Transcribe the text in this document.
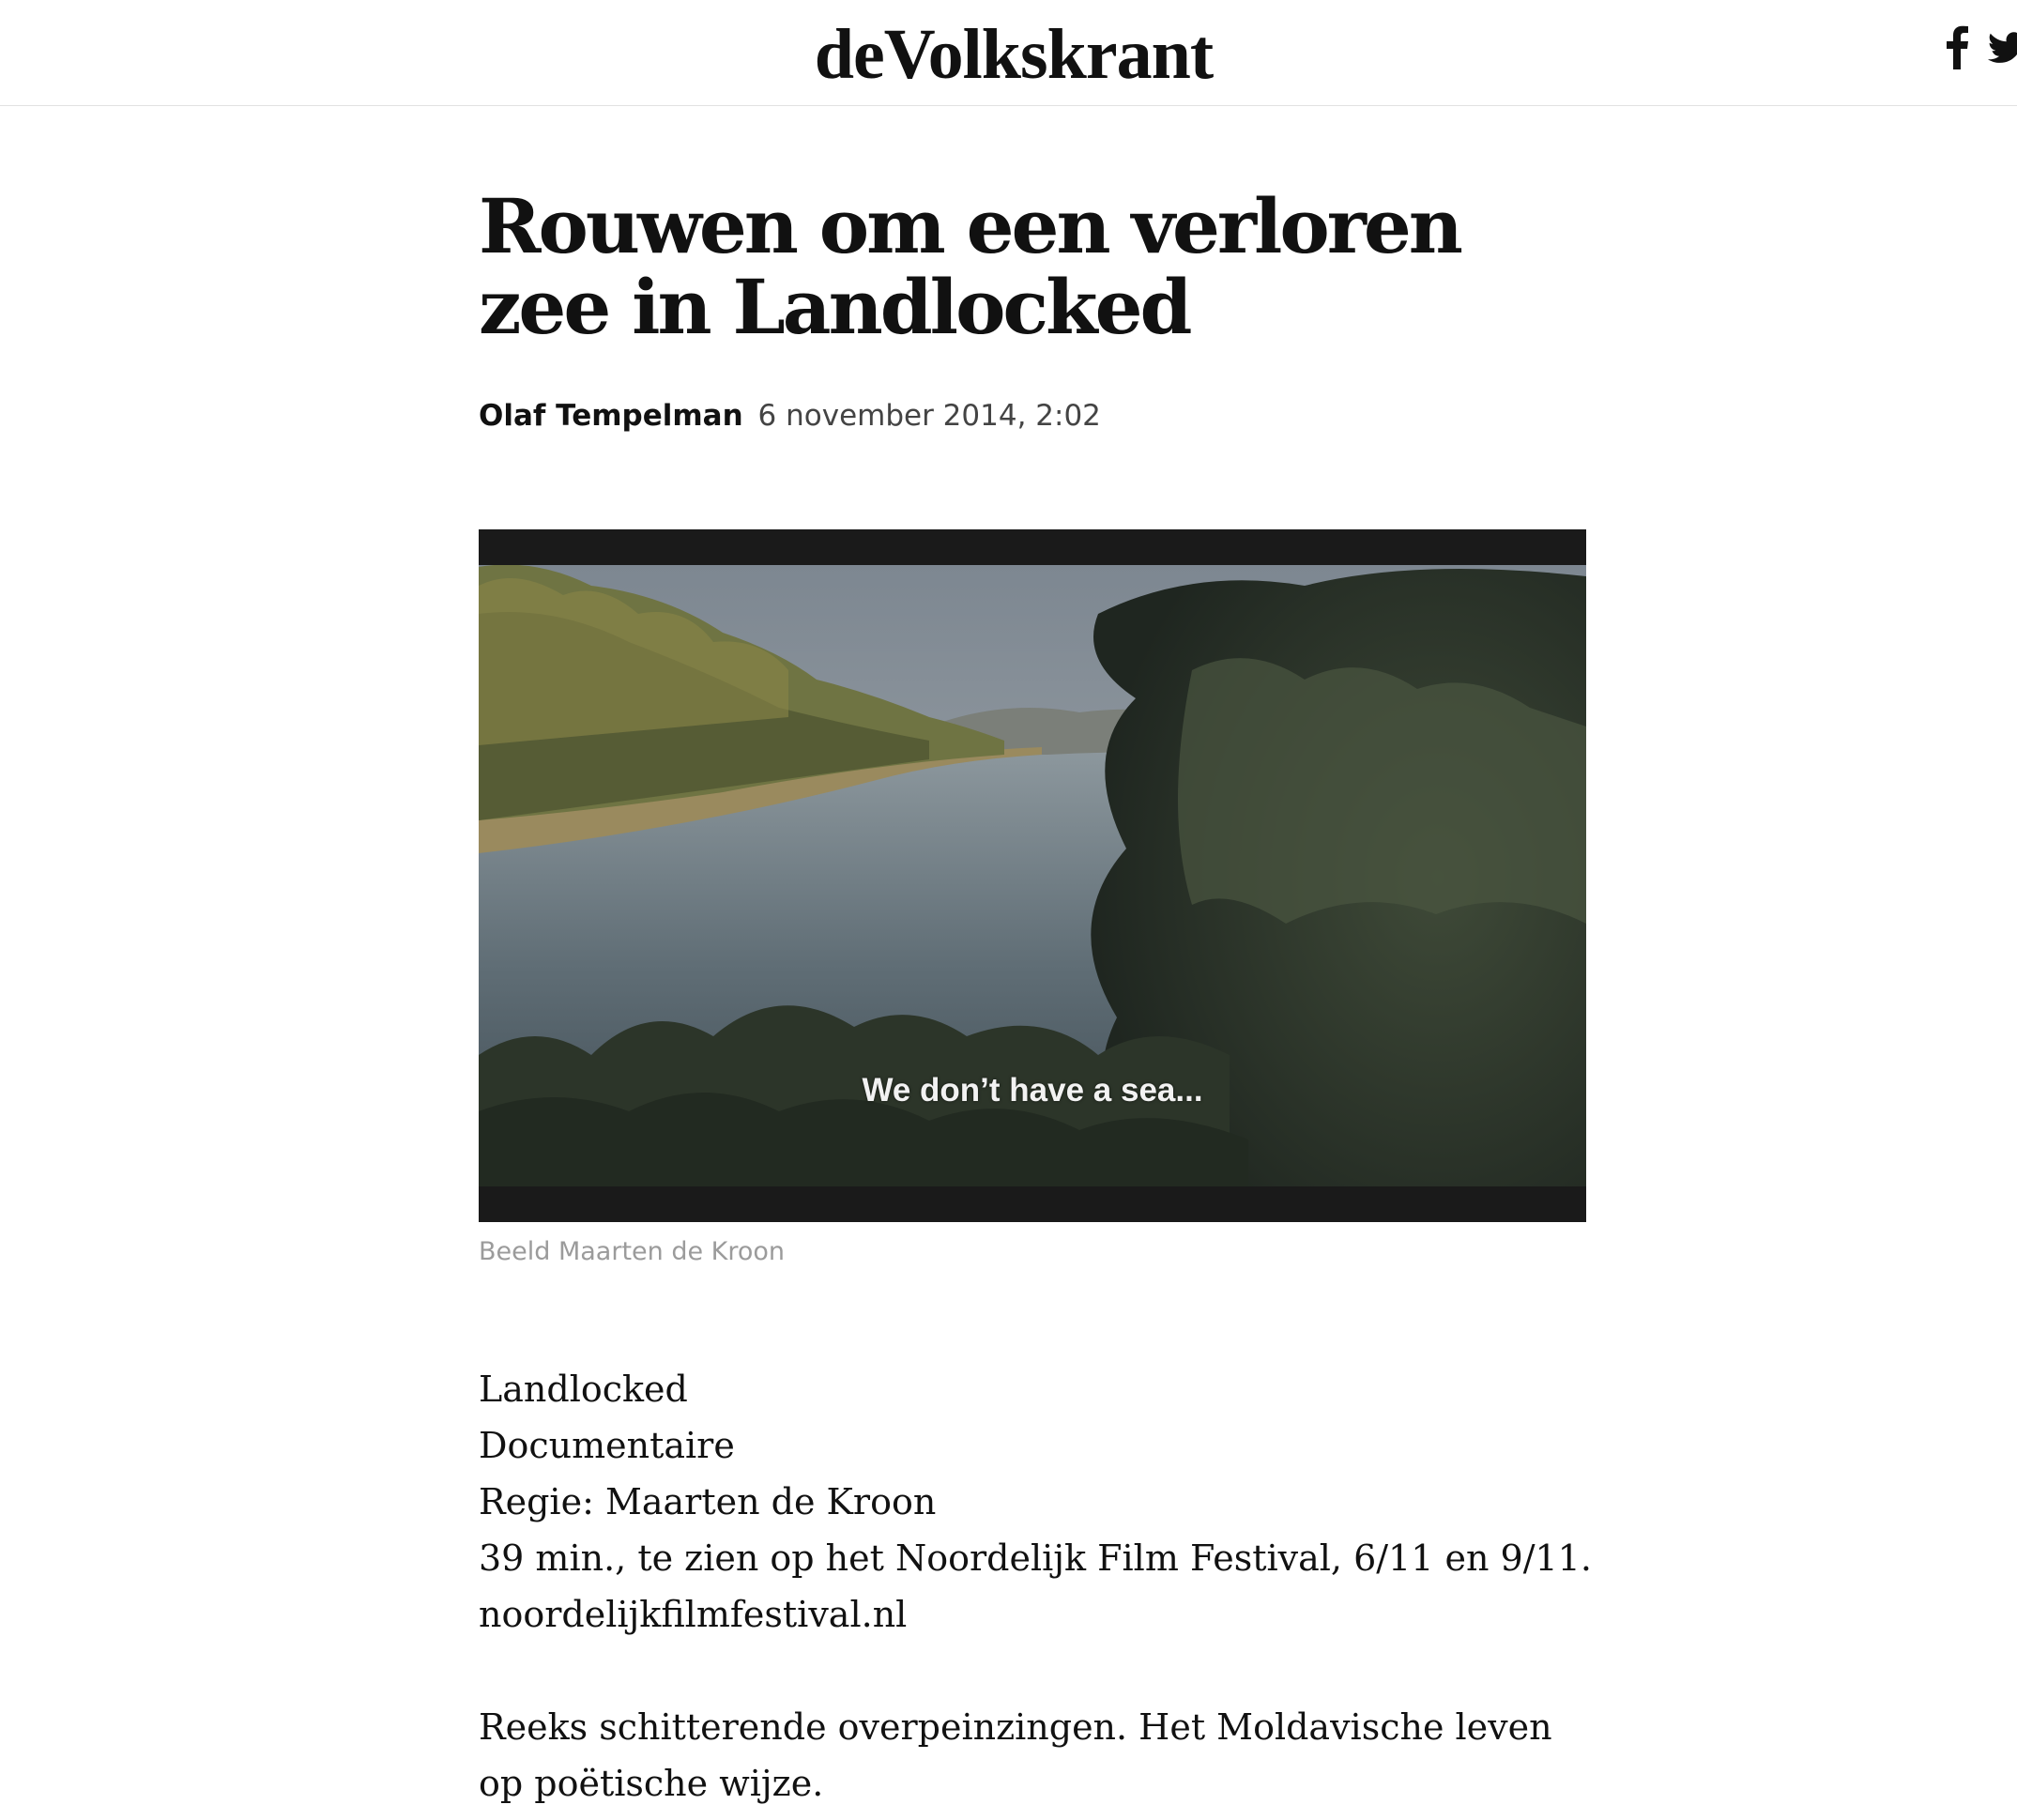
deVolkskrant
Rouwen om een verloren zee in Landlocked
Olaf Tempelman 6 november 2014, 2:02
We don’t have a sea...
Beeld Maarten de Kroon
Landlocked
Documentaire
Regie: Maarten de Kroon
39 min., te zien op het Noordelijk Film Festival, 6/11 en 9/11.
noordelijkfilmfestival.nl

Reeks schitterende overpeinzingen. Het Moldavische leven op poëtische wijze.
